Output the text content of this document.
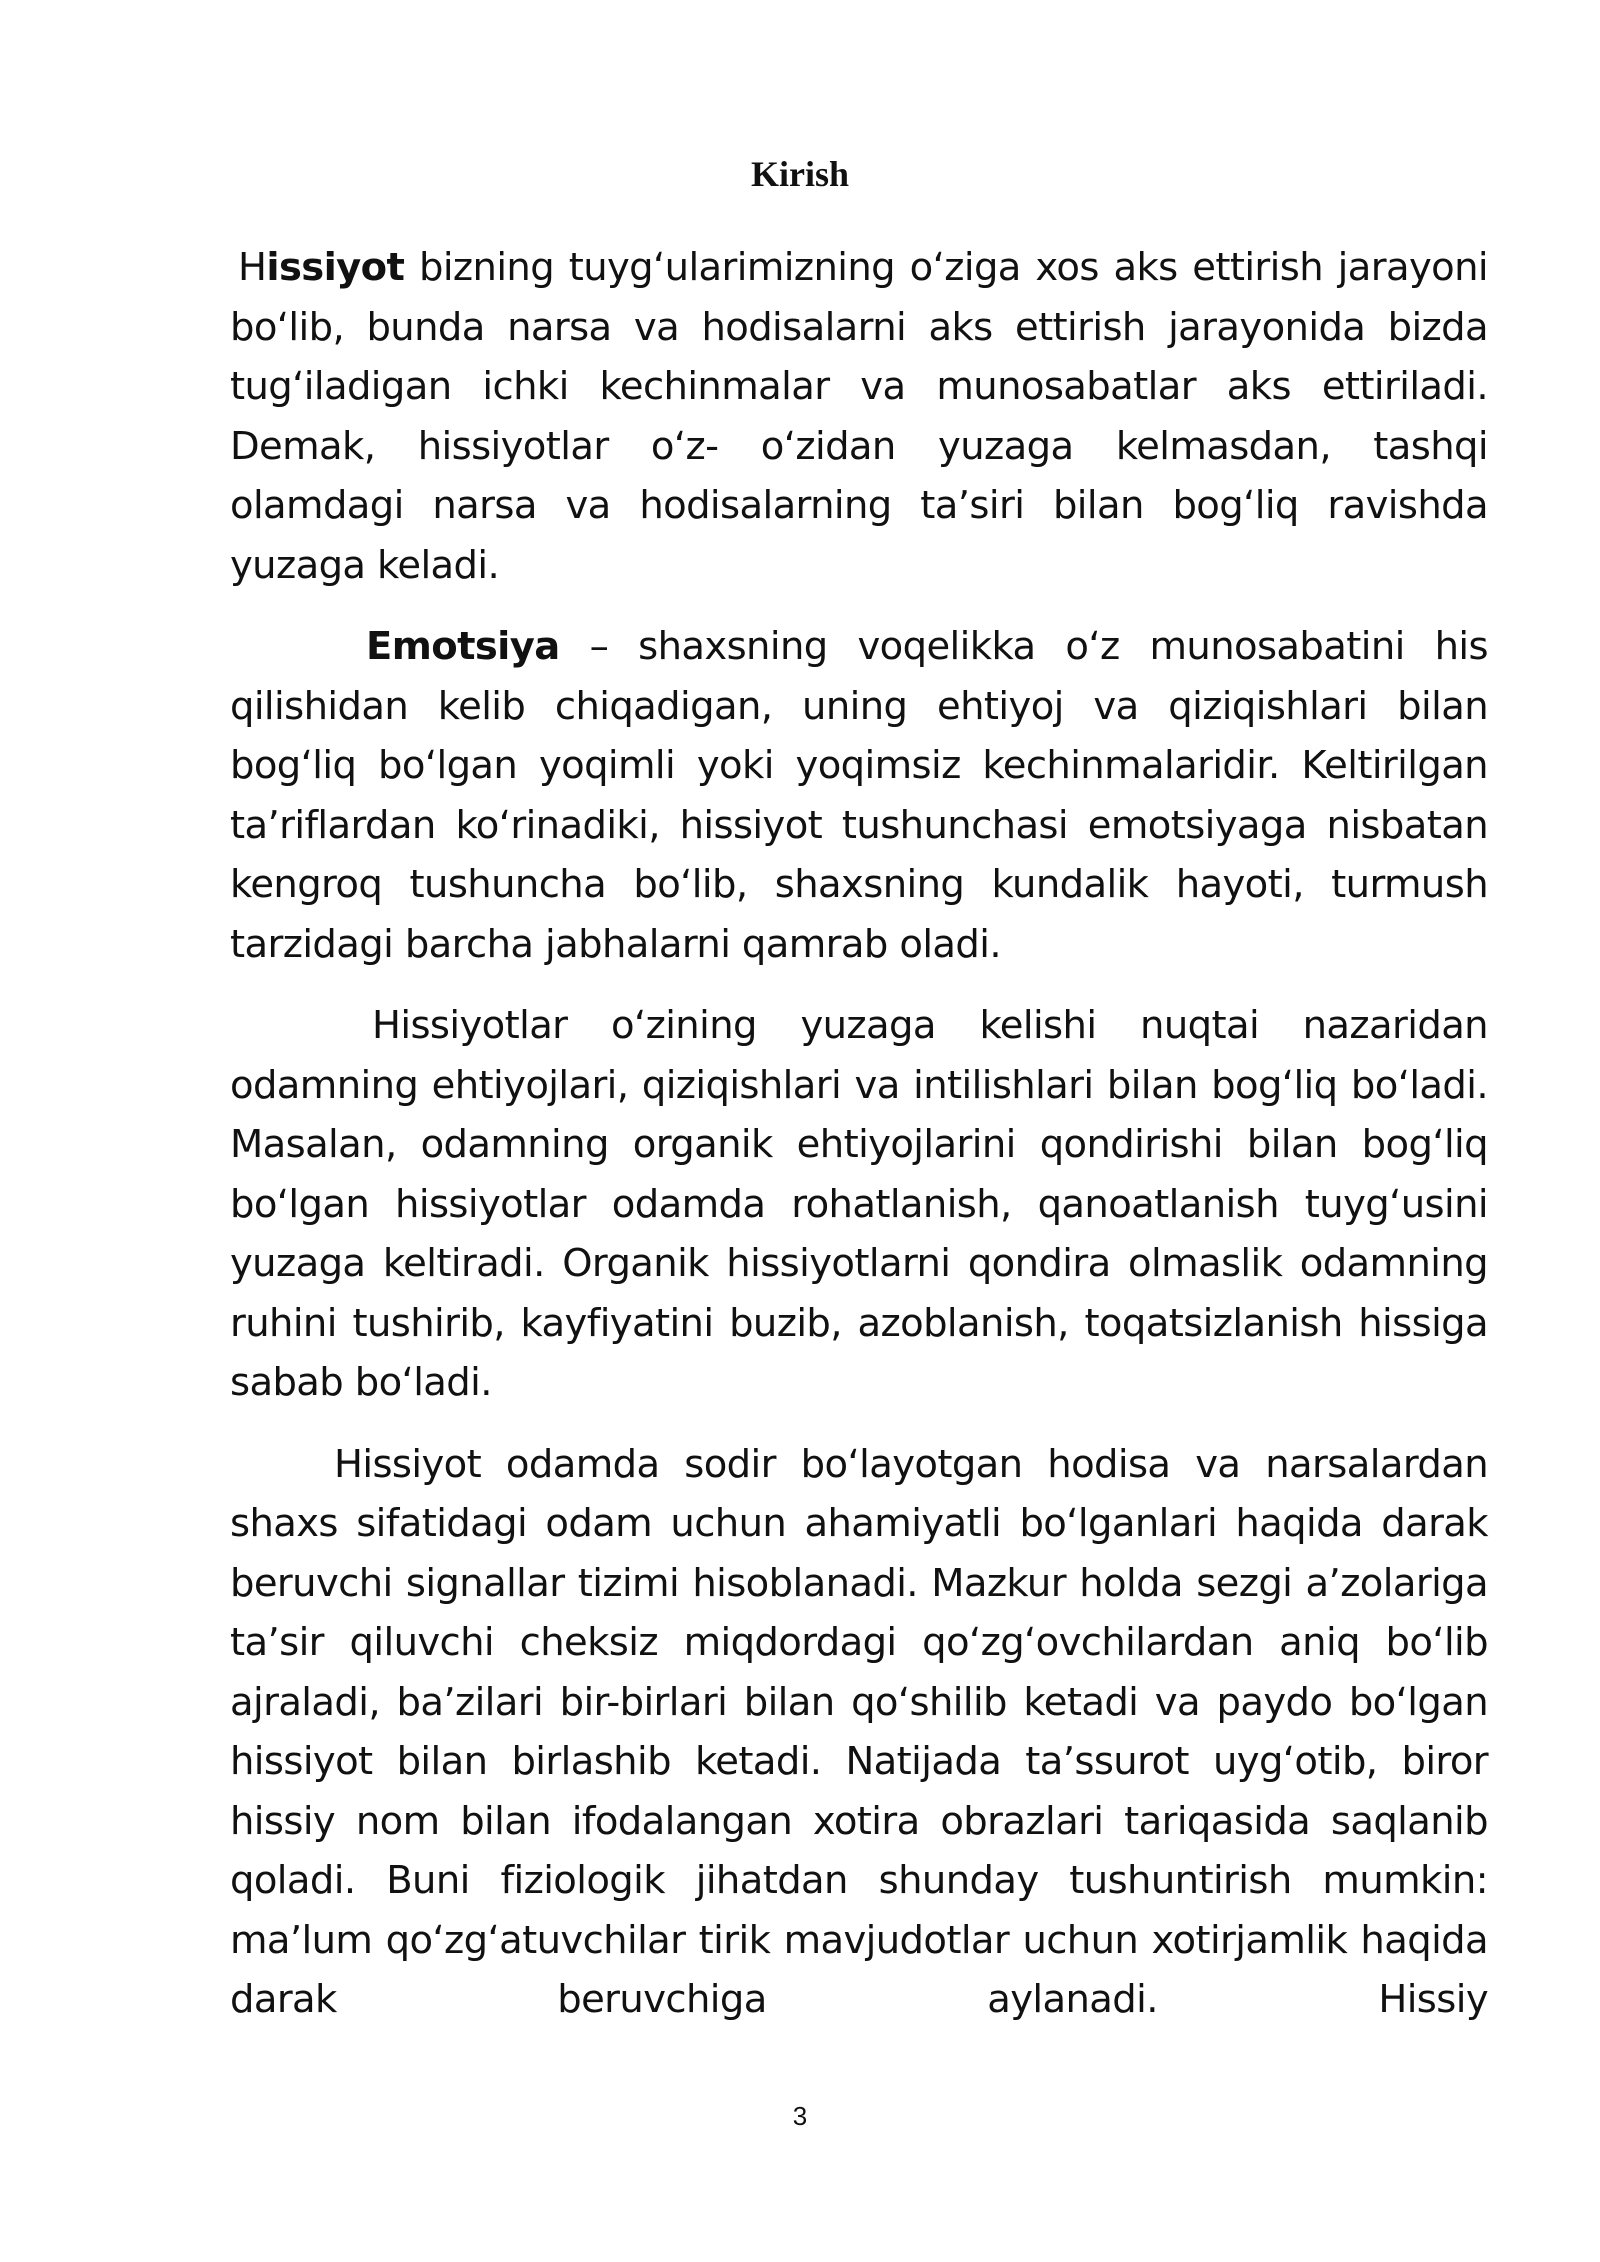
Kirish

Hissiyot bizning tuygʻularimizning oʻziga xos aks ettirish jarayoni boʻlib, bunda narsa va hodisalarni aks ettirish jarayonida bizda tugʻiladigan ichki kechinmalar va munosabatlar aks ettiriladi. Demak, hissiyotlar oʻz- oʻzidan yuzaga kelmasdan, tashqi olamdagi narsa va hodisalarning taʼsiri bilan bogʻliq ravishda yuzaga keladi.

Emotsiya – shaxsning voqelikka oʻz munosabatini his qilishidan kelib chiqadigan, uning ehtiyoj va qiziqishlari bilan bogʻliq boʻlgan yoqimli yoki yoqimsiz kechinmalaridir. Keltirilgan taʼriflardan koʻrinadiki, hissiyot tushunchasi emotsiyaga nisbatan kengroq tushuncha boʻlib, shaxsning kundalik hayoti, turmush tarzidagi barcha jabhalarni qamrab oladi.

Hissiyotlar oʻzining yuzaga kelishi nuqtai nazaridan odamning ehtiyojlari, qiziqishlari va intilishlari bilan bogʻliq boʻladi. Masalan, odamning organik ehtiyojlarini qondirishi bilan bogʻliq boʻlgan hissiyotlar odamda rohatlanish, qanoatlanish tuygʻusini yuzaga keltiradi. Organik hissiyotlarni qondira olmaslik odamning ruhini tushirib, kayfiyatini buzib, azoblanish, toqatsizlanish hissiga sabab boʻladi.

Hissiyot odamda sodir boʻlayotgan hodisa va narsalardan shaxs sifatidagi odam uchun ahamiyatli boʻlganlari haqida darak beruvchi signallar tizimi hisoblanadi. Mazkur holda sezgi aʼzolariga taʼsir qiluvchi cheksiz miqdordagi qoʻzgʻovchilardan aniq boʻlib ajraladi, baʼzilari bir-birlari bilan qoʻshilib ketadi va paydo boʻlgan hissiyot bilan birlashib ketadi. Natijada taʼssurot uygʻotib, biror hissiy nom bilan ifodalangan xotira obrazlari tariqasida saqlanib qoladi. Buni fiziologik jihatdan shunday tushuntirish mumkin: maʼlum qoʻzgʻatuvchilar tirik mavjudotlar uchun xotirjamlik haqida darak beruvchiga aylanadi. Hissiy

3
